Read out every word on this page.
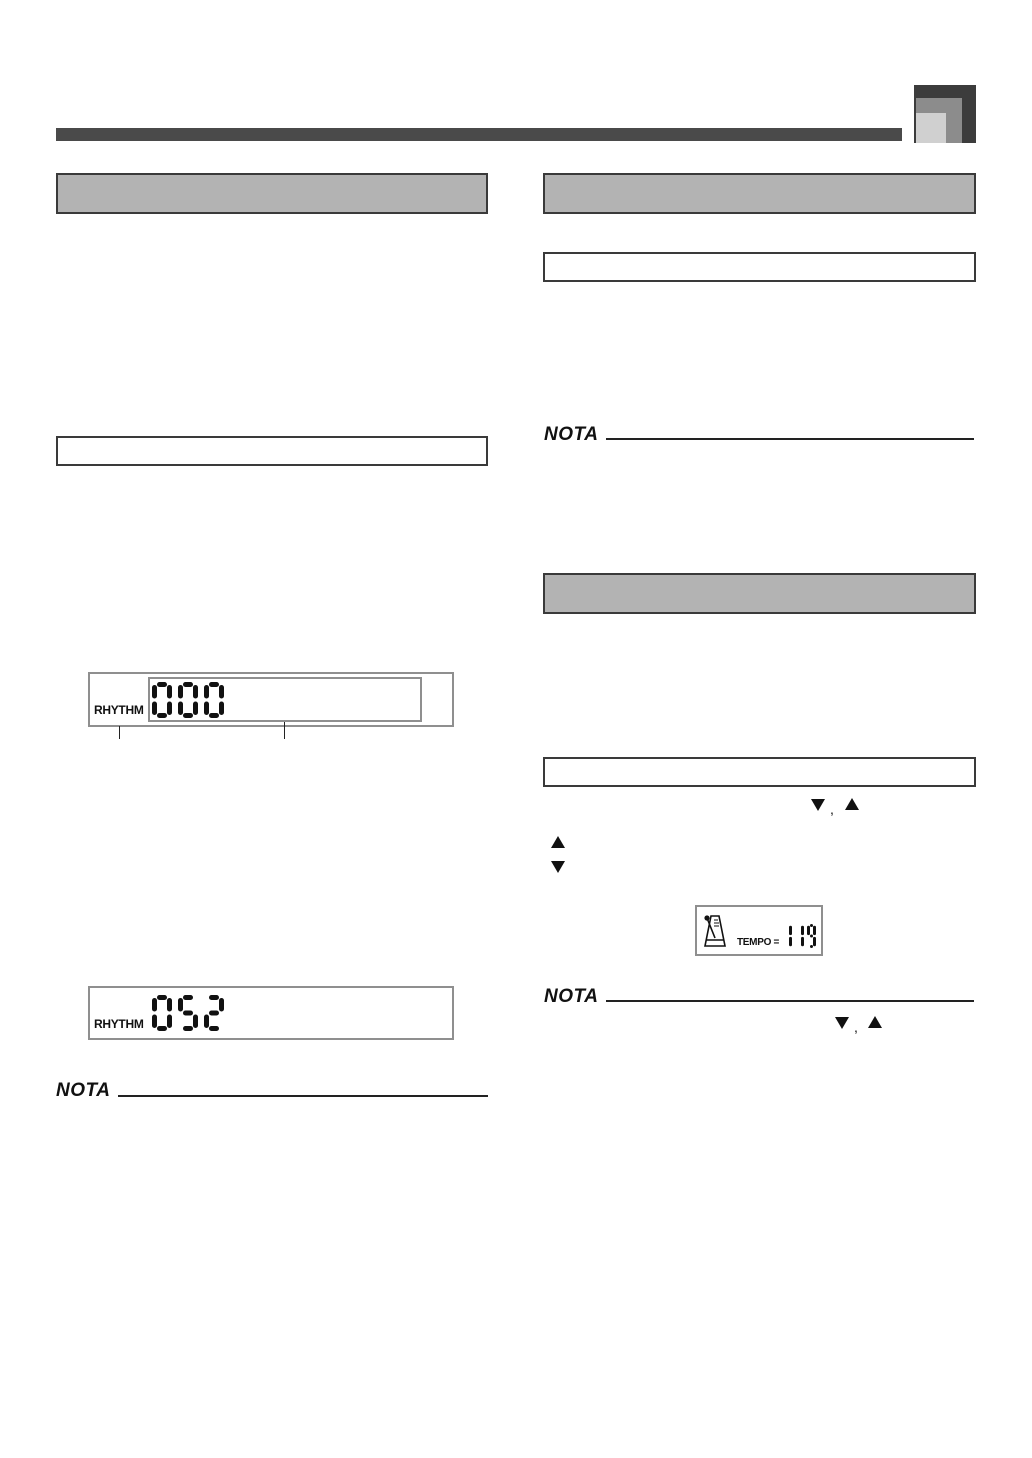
RHYTHM
RHYTHM
NOTA
NOTA
,
TEMPO =
NOTA
,
